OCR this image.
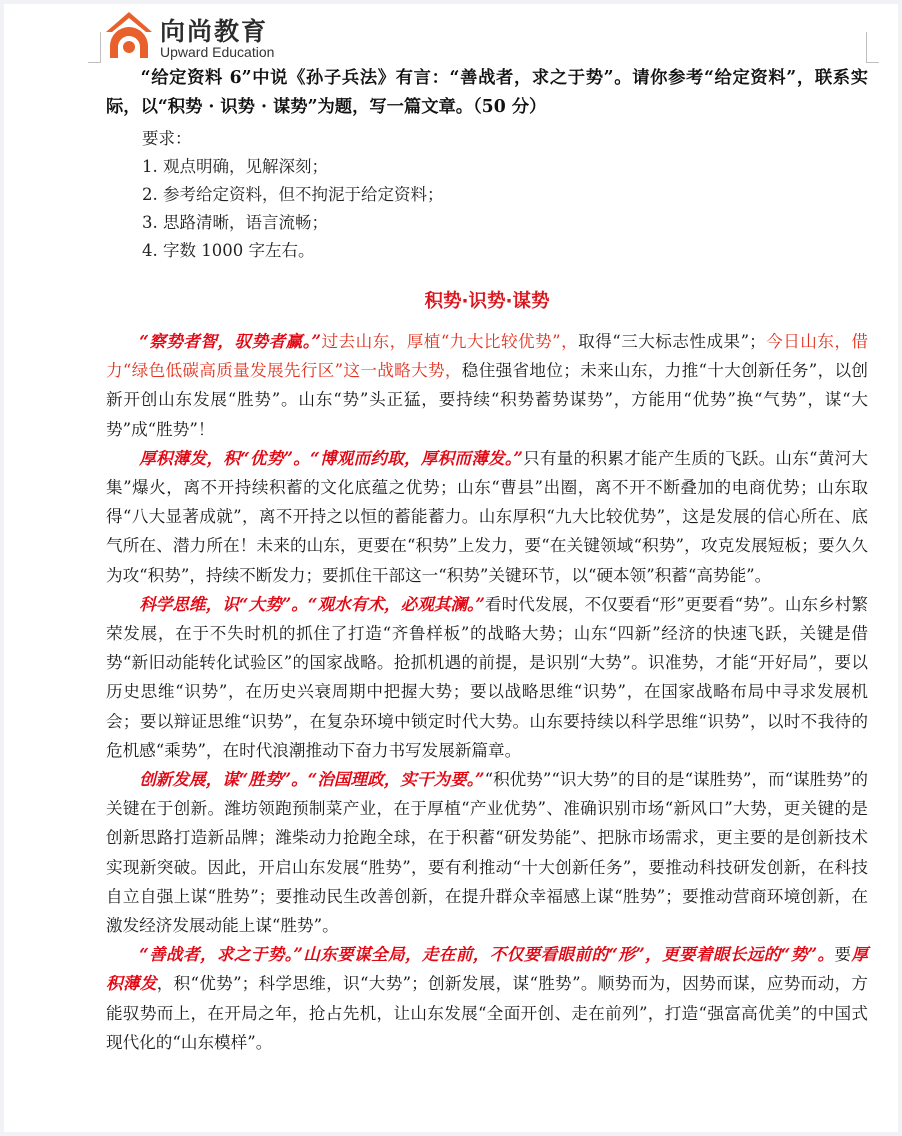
向尚教育
Upward Education

“给定资料 6”中说《孙子兵法》有言：“善战者，求之于势”。请你参考“给定资料”，联系实际，以“积势 · 识势 · 谋势”为题，写一篇文章。（50 分）

要求：
1. 观点明确，见解深刻；
2. 参考给定资料，但不拘泥于给定资料；
3. 思路清晰，语言流畅；
4. 字数 1000 字左右。
积势·识势·谋势

“察势者智，驭势者赢。”过去山东，厚植“九大比较优势”，取得“三大标志性成果”；今日山东，借力“绿色低碳高质量发展先行区”这一战略大势，稳住强省地位；未来山东，力推“十大创新任务”，以创新开创山东发展“胜势”。山东“势”头正猛，要持续“积势蓄势谋势”，方能用“优势”换“气势”，谋“大势”成“胜势”！

厚积薄发，积“优势”。“博观而约取，厚积而薄发。”只有量的积累才能产生质的飞跃。山东“黄河大集”爆火，离不开持续积蓄的文化底蕴之优势；山东“曹县”出圈，离不开不断叠加的电商优势；山东取得“八大显著成就”，离不开持之以恒的蓄能蓄力。山东厚积“九大比较优势”，这是发展的信心所在、底气所在、潜力所在！未来的山东，更要在“积势”上发力，要“在关键领域“积势”，攻克发展短板；要久久为攻“积势”，持续不断发力；要抓住干部这一“积势”关键环节，以“硬本领”积蓄“高势能”。

科学思维，识“大势”。“观水有术，必观其澜。”看时代发展，不仅要看“形”更要看“势”。山东乡村繁荣发展，在于不失时机的抓住了打造“齐鲁样板”的战略大势；山东“四新”经济的快速飞跃，关键是借势“新旧动能转化试验区”的国家战略。抢抓机遇的前提，是识别“大势”。识准势，才能“开好局”，要以历史思维“识势”，在历史兴衰周期中把握大势；要以战略思维“识势”，在国家战略布局中寻求发展机会；要以辩证思维“识势”，在复杂环境中锁定时代大势。山东要持续以科学思维“识势”，以时不我待的危机感“乘势”，在时代浪潮推动下奋力书写发展新篇章。

创新发展，谋“胜势”。“治国理政，实干为要。”“积优势”“识大势”的目的是“谋胜势”，而“谋胜势”的关键在于创新。潍坊领跑预制菜产业，在于厚植“产业优势”、准确识别市场“新风口”大势，更关键的是创新思路打造新品牌；潍柴动力抢跑全球，在于积蓄“研发势能”、把脉市场需求，更主要的是创新技术实现新突破。因此，开启山东发展“胜势”，要有利推动“十大创新任务”，要推动科技研发创新，在科技自立自强上谋“胜势”；要推动民生改善创新，在提升群众幸福感上谋“胜势”；要推动营商环境创新，在激发经济发展动能上谋“胜势”。

“善战者，求之于势。”山东要谋全局，走在前，不仅要看眼前的“形”，更要着眼长远的“势”。要厚积薄发，积“优势”；科学思维，识“大势”；创新发展，谋“胜势”。顺势而为，因势而谋，应势而动，方能驭势而上，在开局之年，抢占先机，让山东发展“全面开创、走在前列”，打造“强富高优美”的中国式现代化的“山东模样”。
